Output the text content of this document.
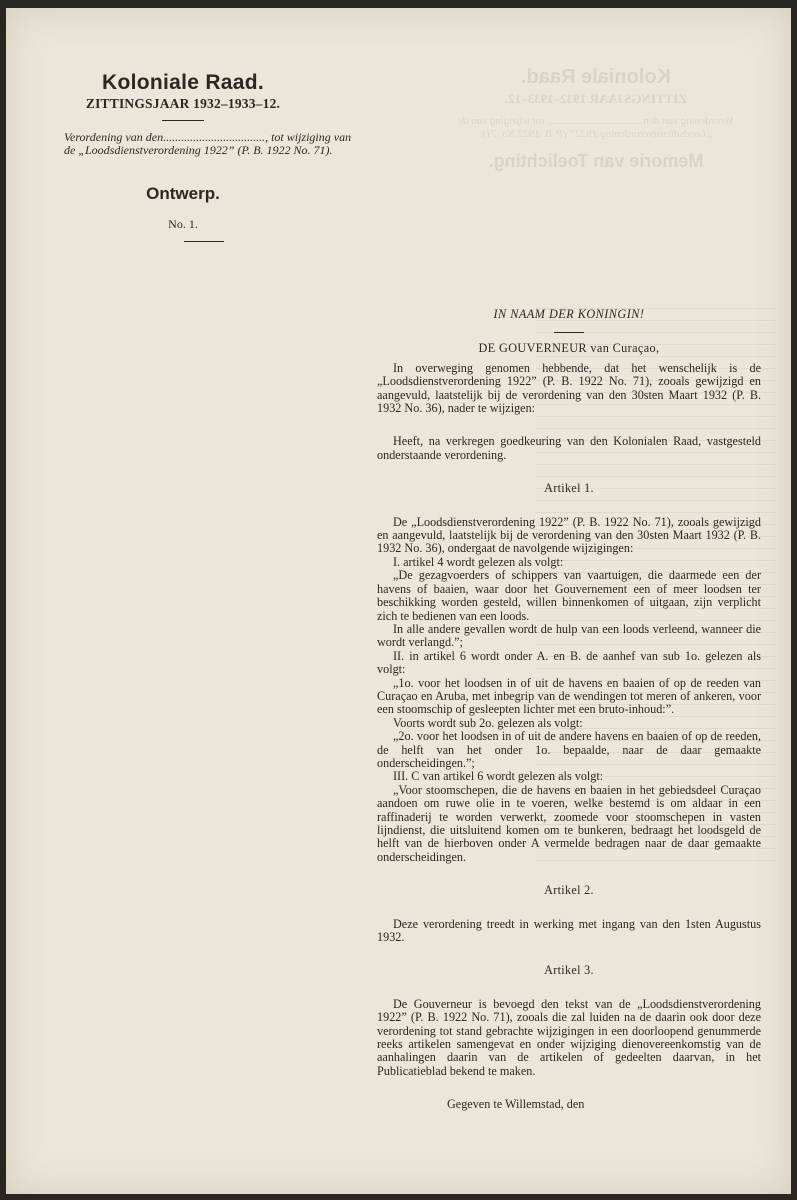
Koloniale Raad.
ZITTINGSJAAR 1932–1933–12.
Verordening van den.................................., tot wijziging van de „Loodsdienstverordening 1922” (P. B. 1922 No. 71).
Memorie van Toelichting.
Koloniale Raad.
ZITTINGSJAAR 1932–1933–12.
Verordening van den.................................., tot wijziging van de „Loodsdienstverordening 1922” (P. B. 1922 No. 71).
Ontwerp.
No. 1.

IN NAAM DER KONINGIN!

DE GOUVERNEUR van Curaçao,

In overweging genomen hebbende, dat het wenschelijk is de „Loodsdienstverordening 1922” (P. B. 1922 No. 71), zooals gewijzigd en aangevuld, laatstelijk bij de verordening van den 30sten Maart 1932 (P. B. 1932 No. 36), nader te wijzigen:

Heeft, na verkregen goedkeuring van den Kolonialen Raad, vastgesteld onderstaande verordening.

Artikel 1.

De „Loodsdienstverordening 1922” (P. B. 1922 No. 71), zooals gewijzigd en aangevuld, laatstelijk bij de verordening van den 30sten Maart 1932 (P. B. 1932 No. 36), ondergaat de navolgende wijzigingen:

I. artikel 4 wordt gelezen als volgt:

„De gezagvoerders of schippers van vaartuigen, die daarmede een der havens of baaien, waar door het Gouvernement een of meer loodsen ter beschikking worden gesteld, willen binnenkomen of uitgaan, zijn verplicht zich te bedienen van een loods.

In alle andere gevallen wordt de hulp van een loods verleend, wanneer die wordt verlangd.”;

II. in artikel 6 wordt onder A. en B. de aanhef van sub 1o. gelezen als volgt:

„1o. voor het loodsen in of uit de havens en baaien of op de reeden van Curaçao en Aruba, met inbegrip van de wendingen tot meren of ankeren, voor een stoomschip of gesleepten lichter met een bruto-inhoud:”.

Voorts wordt sub 2o. gelezen als volgt:

„2o. voor het loodsen in of uit de andere havens en baaien of op de reeden, de helft van het onder 1o. bepaalde, naar de daar gemaakte onderscheidingen.”;

III. C van artikel 6 wordt gelezen als volgt:

„Voor stoomschepen, die de havens en baaien in het gebiedsdeel Curaçao aandoen om ruwe olie in te voeren, welke bestemd is om aldaar in een raffinaderij te worden verwerkt, zoomede voor stoomschepen in vasten lijndienst, die uitsluitend komen om te bunkeren, bedraagt het loodsgeld de helft van de hierboven onder A vermelde bedragen naar de daar gemaakte onderscheidingen.

Artikel 2.

Deze verordening treedt in werking met ingang van den 1sten Augustus 1932.

Artikel 3.

De Gouverneur is bevoegd den tekst van de „Loodsdienstverordening 1922” (P. B. 1922 No. 71), zooals die zal luiden na de daarin ook door deze verordening tot stand gebrachte wijzigingen in een doorloopend genummerde reeks artikelen samengevat en onder wijziging dienovereenkomstig van de aanhalingen daarin van de artikelen of gedeelten daarvan, in het Publicatieblad bekend te maken.

Gegeven te Willemstad, den
